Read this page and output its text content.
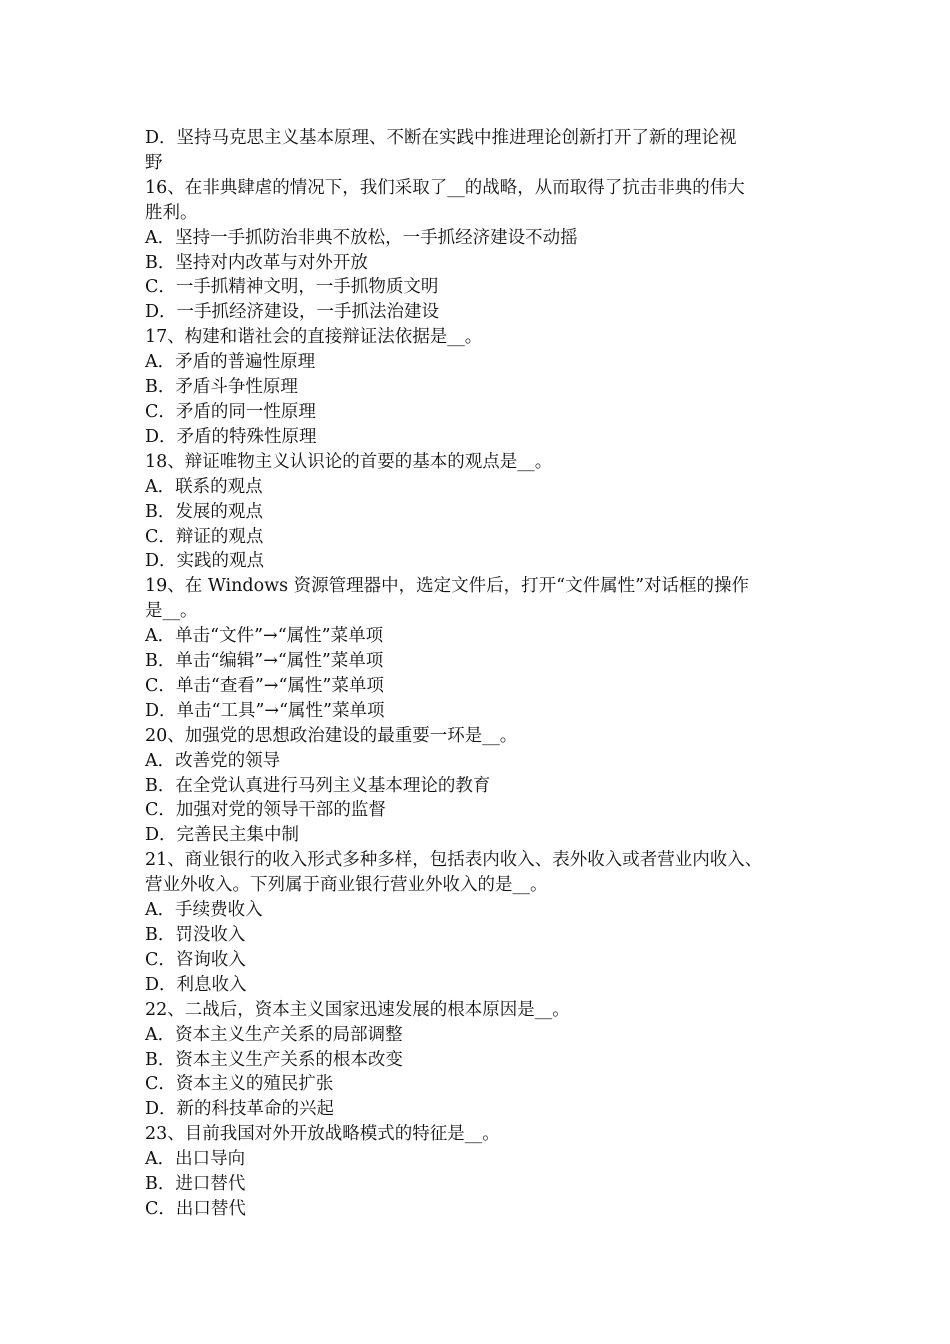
D．坚持马克思主义基本原理、不断在实践中推进理论创新打开了新的理论视

野

16、在非典肆虐的情况下，我们采取了__的战略，从而取得了抗击非典的伟大

胜利。

A．坚持一手抓防治非典不放松，一手抓经济建设不动摇

B．坚持对内改革与对外开放

C．一手抓精神文明，一手抓物质文明

D．一手抓经济建设，一手抓法治建设

17、构建和谐社会的直接辩证法依据是__。

A．矛盾的普遍性原理

B．矛盾斗争性原理

C．矛盾的同一性原理

D．矛盾的特殊性原理

18、辩证唯物主义认识论的首要的基本的观点是__。

A．联系的观点

B．发展的观点

C．辩证的观点

D．实践的观点

19、在 Windows 资源管理器中，选定文件后，打开“文件属性”对话框的操作

是__。

A．单击“文件”→“属性”菜单项

B．单击“编辑”→“属性”菜单项

C．单击“查看”→“属性”菜单项

D．单击“工具”→“属性”菜单项

20、加强党的思想政治建设的最重要一环是__。

A．改善党的领导

B．在全党认真进行马列主义基本理论的教育

C．加强对党的领导干部的监督

D．完善民主集中制

21、商业银行的收入形式多种多样，包括表内收入、表外收入或者营业内收入、

营业外收入。下列属于商业银行营业外收入的是__。

A．手续费收入

B．罚没收入

C．咨询收入

D．利息收入

22、二战后，资本主义国家迅速发展的根本原因是__。

A．资本主义生产关系的局部调整

B．资本主义生产关系的根本改变

C．资本主义的殖民扩张

D．新的科技革命的兴起

23、目前我国对外开放战略模式的特征是__。

A．出口导向

B．进口替代

C．出口替代
